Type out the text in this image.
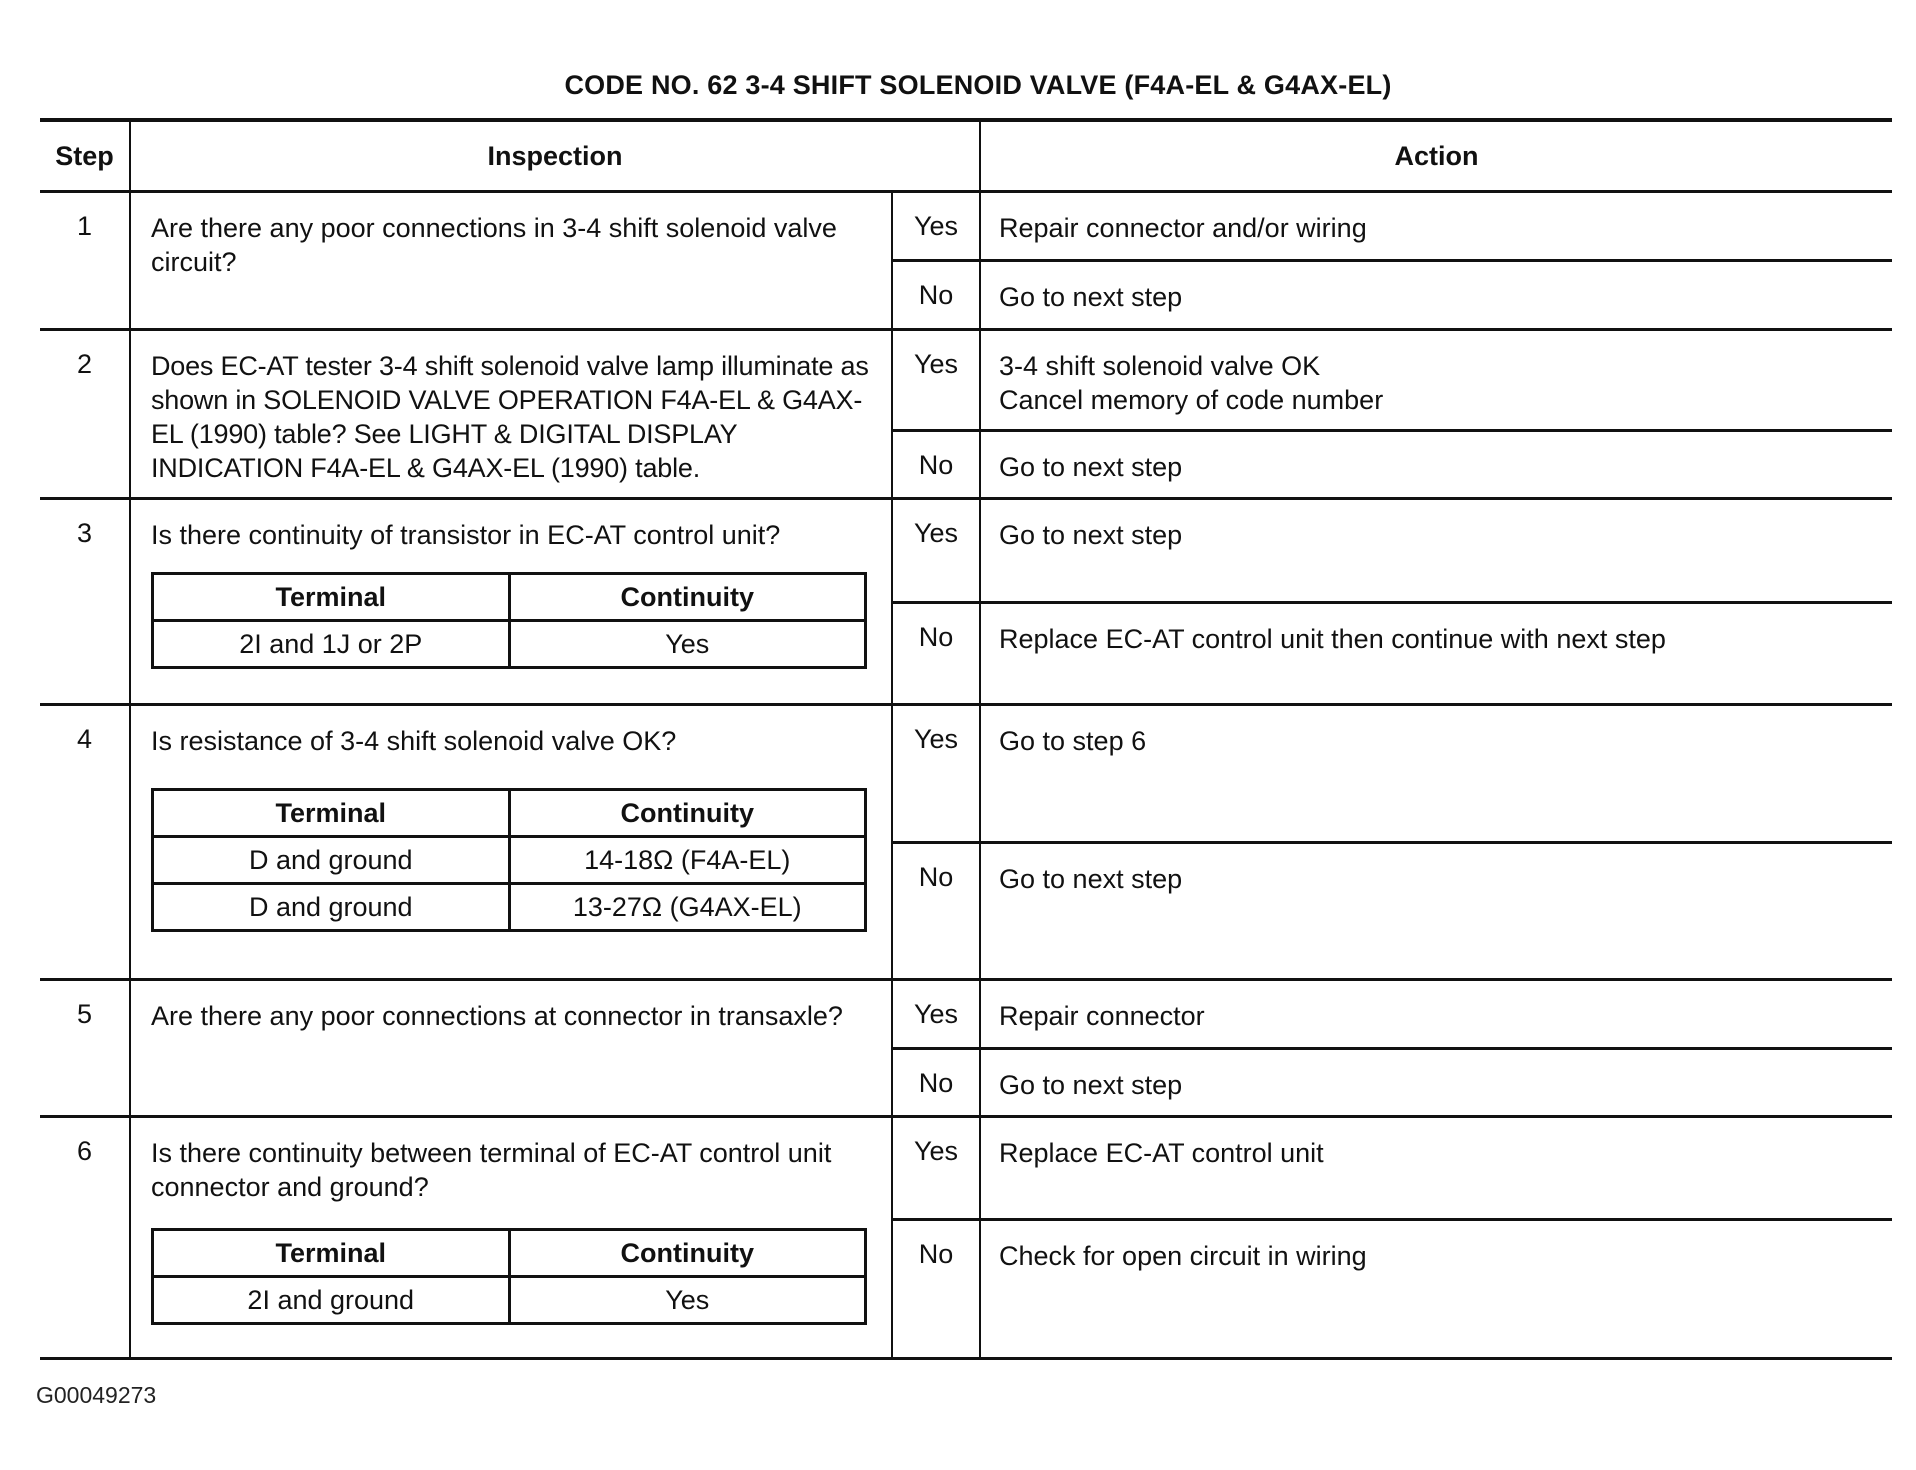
CODE NO. 62 3-4 SHIFT SOLENOID VALVE (F4A-EL & G4AX-EL)
Step	Inspection	Action
1	Are there any poor connections in 3-4 shift solenoid valve circuit?	Yes	Repair connector and/or wiring
No	Go to next step
2	Does EC-AT tester 3-4 shift solenoid valve lamp illuminate as shown in SOLENOID VALVE OPERATION F4A-EL & G4AX-EL (1990) table? See LIGHT & DIGITAL DISPLAY INDICATION F4A-EL & G4AX-EL (1990) table.	Yes	3-4 shift solenoid valve OK
Cancel memory of code number

No	Go to next step
3	Is there continuity of transistor in EC-AT control unit?
Terminal	Continuity
2I and 1J or 2P	Yes
	Yes	Go to next step
No	Replace EC-AT control unit then continue with next step
4	Is resistance of 3-4 shift solenoid valve OK?
Terminal	Continuity
D and ground	14-18Ω (F4A-EL)
D and ground	13-27Ω (G4AX-EL)
	Yes	Go to step 6
No	Go to next step
5	Are there any poor connections at connector in transaxle?	Yes	Repair connector
No	Go to next step
6	Is there continuity between terminal of EC-AT control unit connector and ground?
Terminal	Continuity
2I and ground	Yes
	Yes	Replace EC-AT control unit
No	Check for open circuit in wiring
G00049273
